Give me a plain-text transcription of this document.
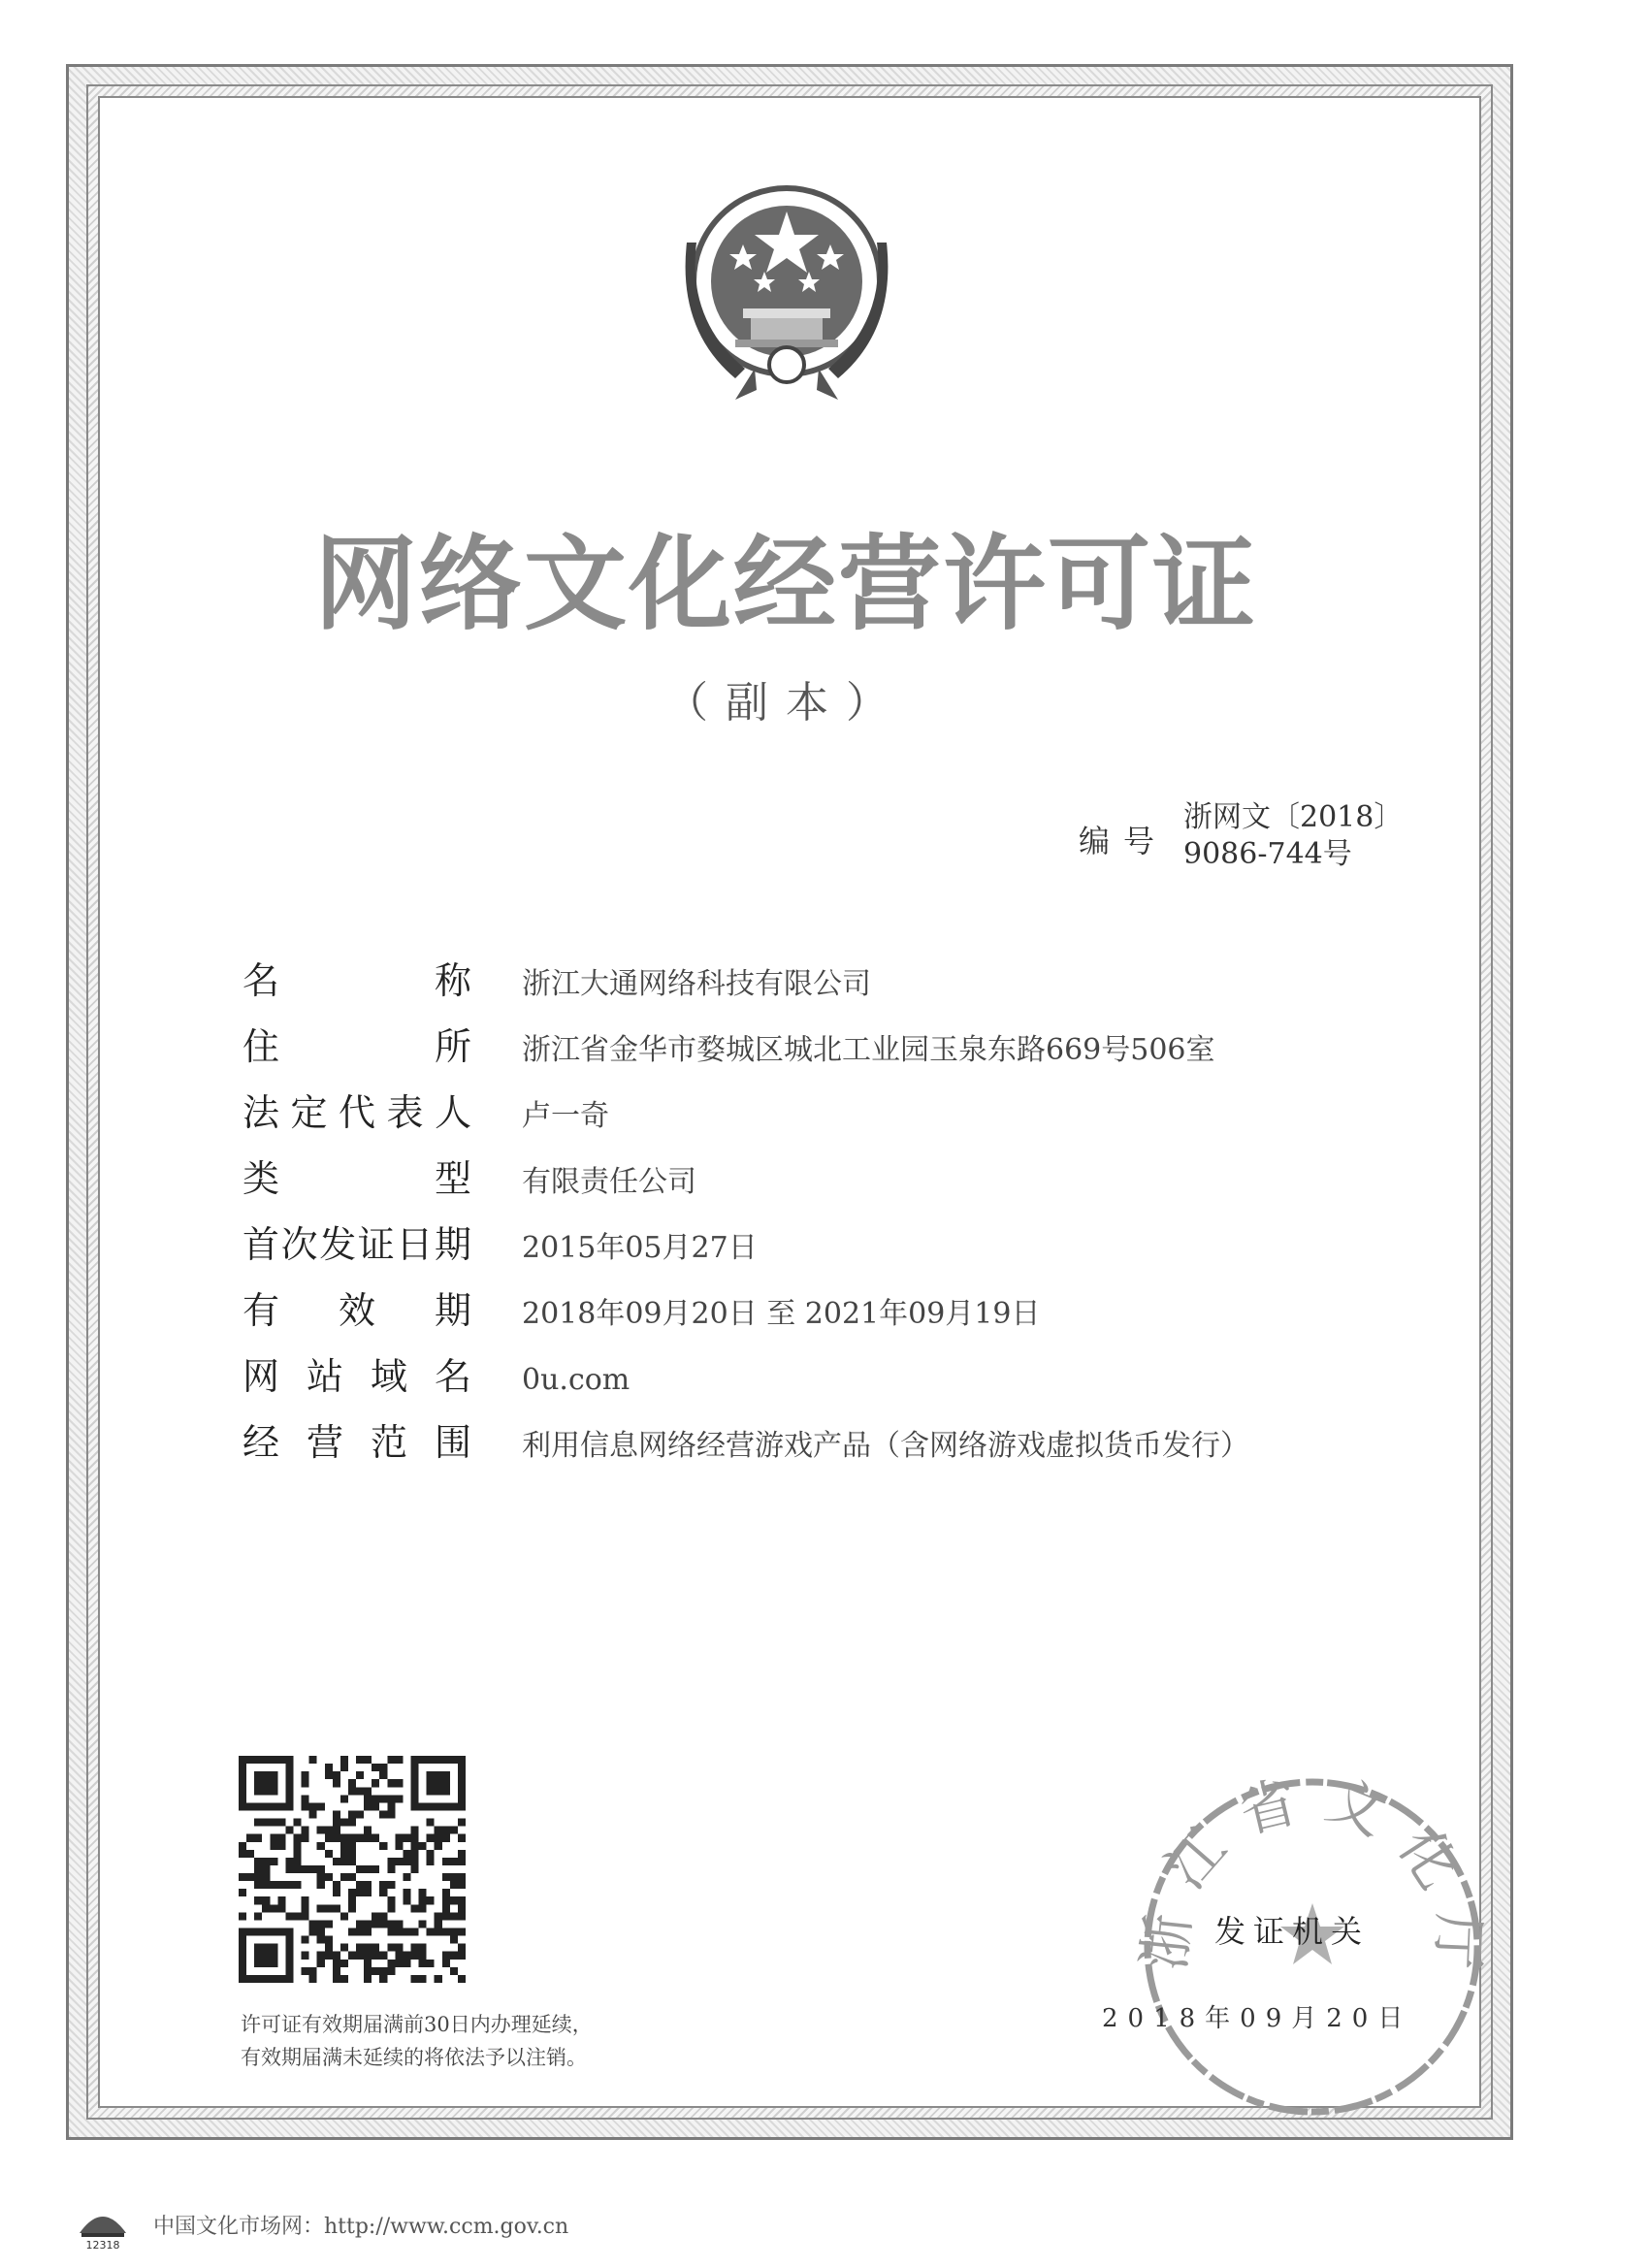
网络文化经营许可证
（副本）
编号
浙网文〔2018〕
9086-744号
名	称 浙江大通网络科技有限公司
住	所 浙江省金华市婺城区城北工业园玉泉东路669号506室
法 定 代 表 人 卢一奇
类	型 有限责任公司
首 次 发 证 日 期 2015年05月27日
有 效 期 2018年09月20日 至 2021年09月19日
网 站 域 名 0u.com
经 营 范 围 利用信息网络经营游戏产品（含网络游戏虚拟货币发行）
许可证有效期届满前30日内办理延续，
有效期届满未延续的将依法予以注销。
浙江省文化厅
发证机关
2018年09月20日
12318
中国文化市场网：http://www.ccm.gov.cn
